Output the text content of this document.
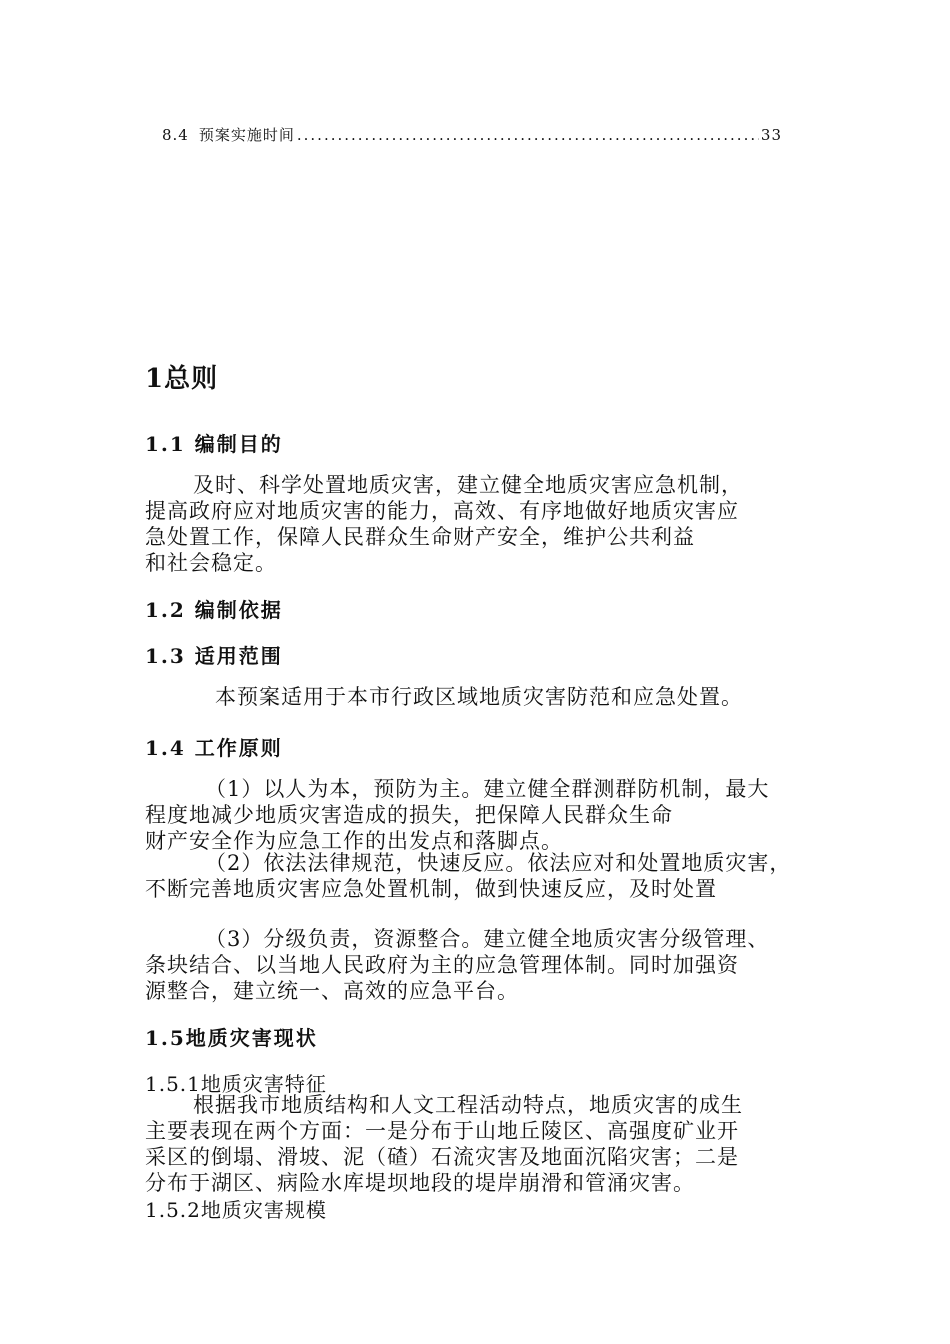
8.4 预案实施时间
.....	33
1总则
1.1 编制目的
及时、科学处置地质灾害，建立健全地质灾害应急机制，
提高政府应对地质灾害的能力，高效、有序地做好地质灾害应
急处置工作，保障人民群众生命财产安全，维护公共利益
和社会稳定。
1.2 编制依据
1.3 适用范围
本预案适用于本市行政区域地质灾害防范和应急处置。
1.4 工作原则
（1）以人为本，预防为主。建立健全群测群防机制，最大
程度地减少地质灾害造成的损失，把保障人民群众生命
财产安全作为应急工作的出发点和落脚点。
（2）依法法律规范，快速反应。依法应对和处置地质灾害，
不断完善地质灾害应急处置机制，做到快速反应，及时处置
（3）分级负责，资源整合。建立健全地质灾害分级管理、
条块结合、以当地人民政府为主的应急管理体制。同时加强资
源整合，建立统一、高效的应急平台。
1.5地质灾害现状
1.5.1地质灾害特征
根据我市地质结构和人文工程活动特点，地质灾害的成生
主要表现在两个方面：一是分布于山地丘陵区、高强度矿业开
采区的倒塌、滑坡、泥（碴）石流灾害及地面沉陷灾害；二是
分布于湖区、病险水库堤坝地段的堤岸崩滑和管涌灾害。
1.5.2地质灾害规模
